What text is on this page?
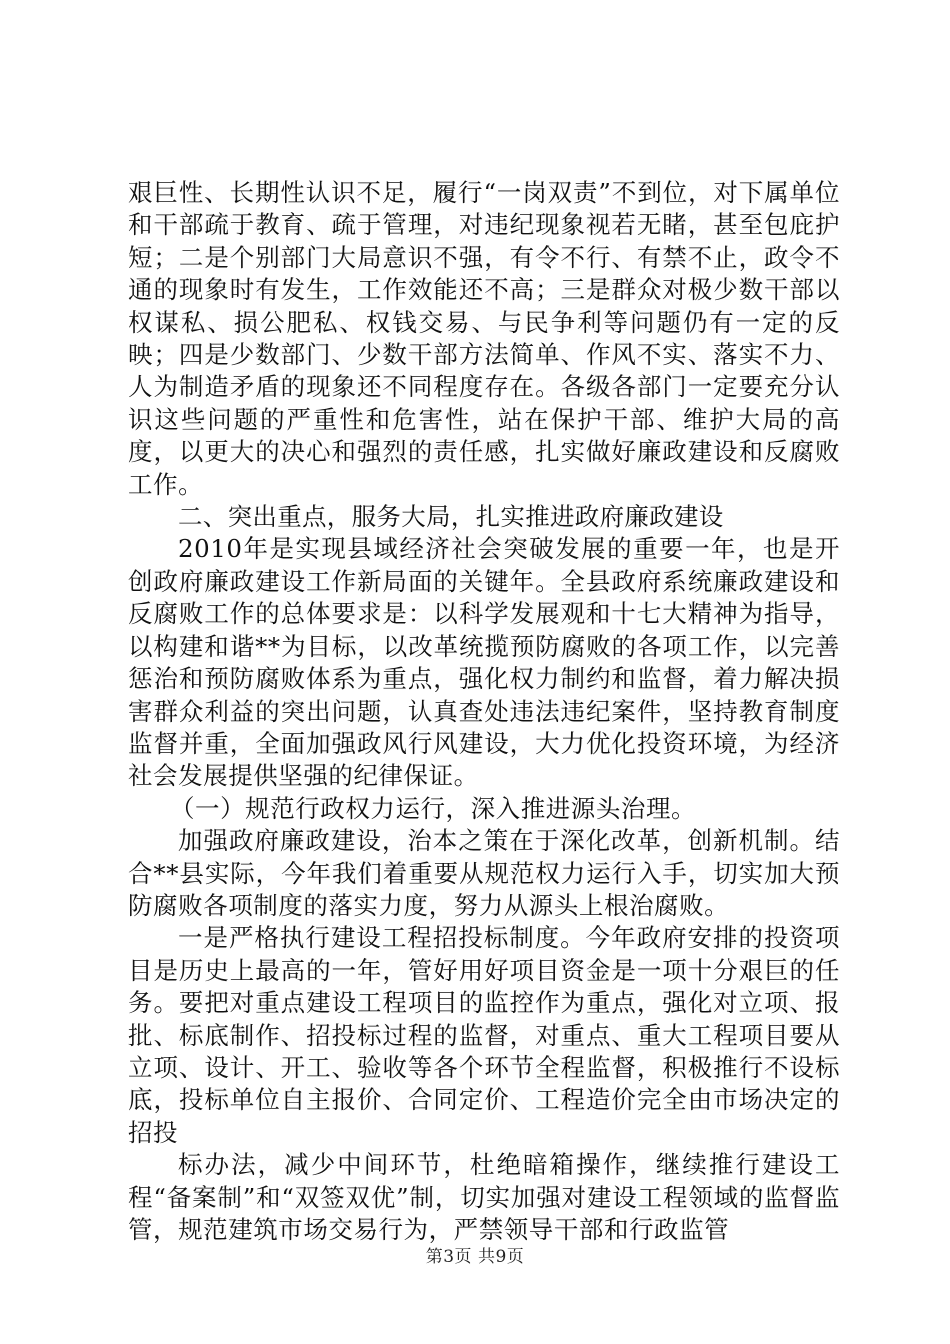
艰巨性、长期性认识不足，履行“一岗双责”不到位，对下属单位和干部疏于教育、疏于管理，对违纪现象视若无睹，甚至包庇护短；二是个别部门大局意识不强，有令不行、有禁不止，政令不通的现象时有发生，工作效能还不高；三是群众对极少数干部以权谋私、损公肥私、权钱交易、与民争利等问题仍有一定的反映；四是少数部门、少数干部方法简单、作风不实、落实不力、人为制造矛盾的现象还不同程度存在。各级各部门一定要充分认识这些问题的严重性和危害性，站在保护干部、维护大局的高度，以更大的决心和强烈的责任感，扎实做好廉政建设和反腐败工作。

二、突出重点，服务大局，扎实推进政府廉政建设

2010年是实现县域经济社会突破发展的重要一年，也是开创政府廉政建设工作新局面的关键年。全县政府系统廉政建设和反腐败工作的总体要求是：以科学发展观和十七大精神为指导，以构建和谐**为目标，以改革统揽预防腐败的各项工作，以完善惩治和预防腐败体系为重点，强化权力制约和监督，着力解决损害群众利益的突出问题，认真查处违法违纪案件，坚持教育制度监督并重，全面加强政风行风建设，大力优化投资环境，为经济社会发展提供坚强的纪律保证。

（一）规范行政权力运行，深入推进源头治理。

加强政府廉政建设，治本之策在于深化改革，创新机制。结合**县实际，今年我们着重要从规范权力运行入手，切实加大预防腐败各项制度的落实力度，努力从源头上根治腐败。

一是严格执行建设工程招投标制度。今年政府安排的投资项目是历史上最高的一年，管好用好项目资金是一项十分艰巨的任务。要把对重点建设工程项目的监控作为重点，强化对立项、报批、标底制作、招投标过程的监督，对重点、重大工程项目要从立项、设计、开工、验收等各个环节全程监督，积极推行不设标底，投标单位自主报价、合同定价、工程造价完全由市场决定的招投

标办法，减少中间环节，杜绝暗箱操作，继续推行建设工程“备案制”和“双签双优”制，切实加强对建设工程领域的监督监管，规范建筑市场交易行为，严禁领导干部和行政监管

第3页 共9页
